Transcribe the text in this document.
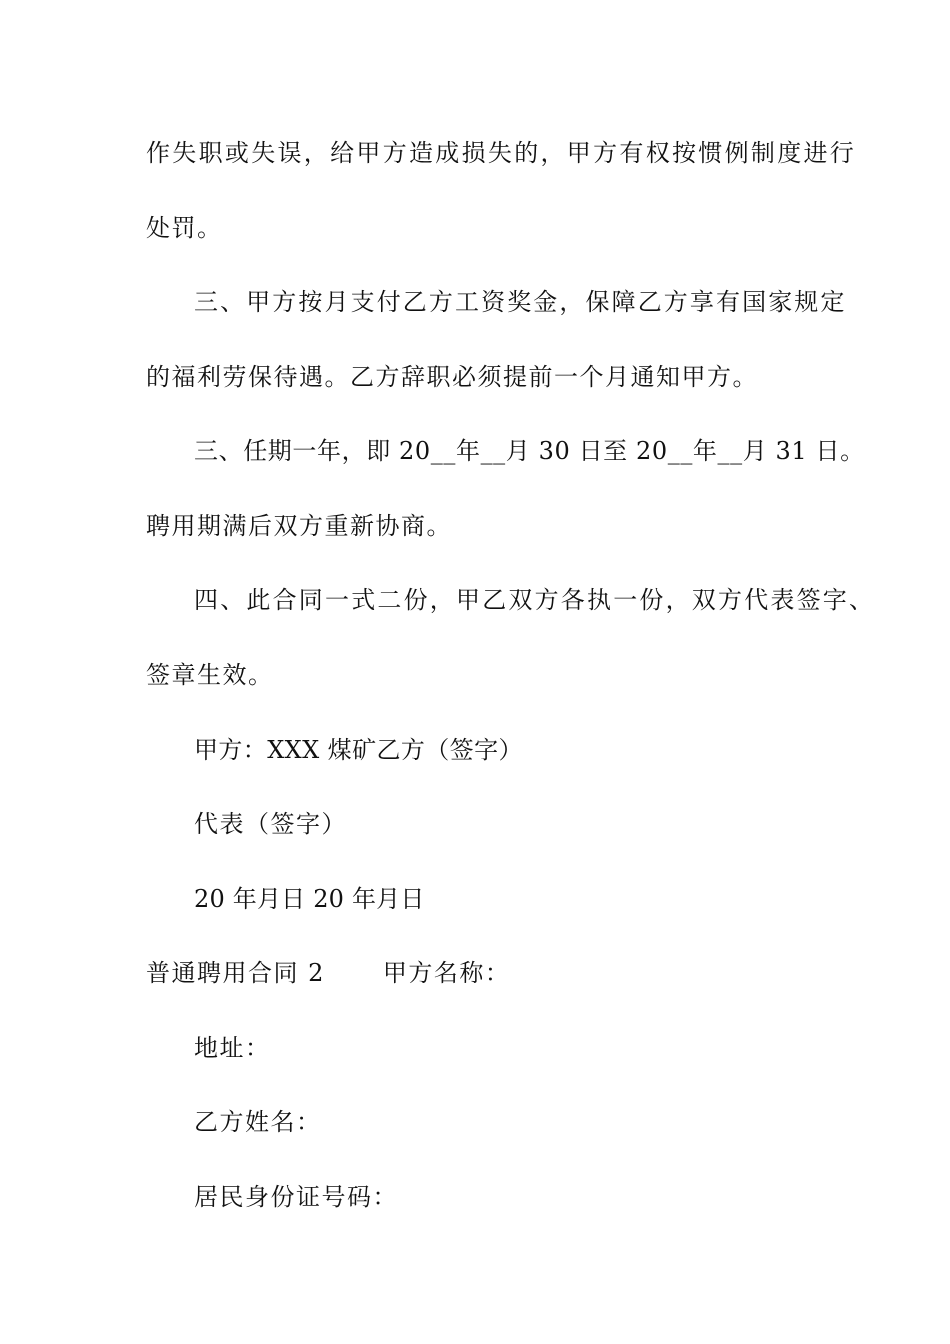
作失职或失误，给甲方造成损失的，甲方有权按惯例制度进行
处罚。
三、甲方按月支付乙方工资奖金，保障乙方享有国家规定
的福利劳保待遇。乙方辞职必须提前一个月通知甲方。
三、任期一年，即 20__年__月 30 日至 20__年__月 31 日。
聘用期满后双方重新协商。
四、此合同一式二份，甲乙双方各执一份，双方代表签字、
签章生效。
甲方：XXX 煤矿乙方（签字）
代表（签字）
20 年月日 20 年月日
普通聘用合同 2 甲方名称：
地址：
乙方姓名：
居民身份证号码：
